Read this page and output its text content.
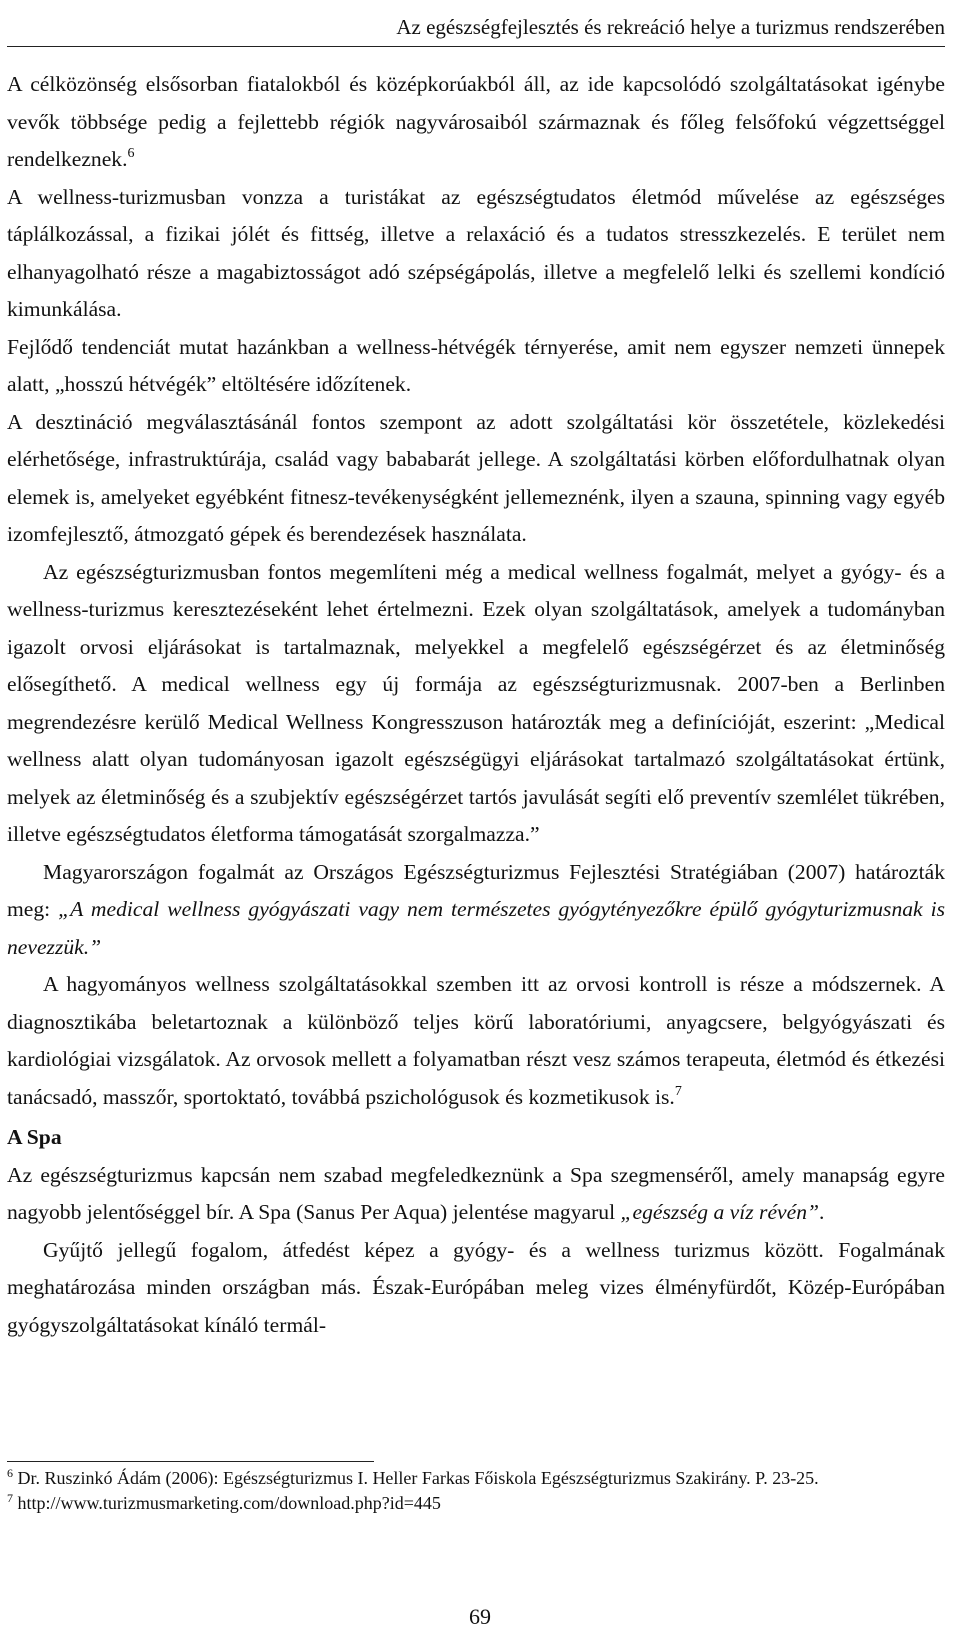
Az egészségfejlesztés és rekreáció helye a turizmus rendszerében

A célközönség elsősorban fiatalokból és középkorúakból áll, az ide kapcsolódó szolgáltatásokat igénybe vevők többsége pedig a fejlettebb régiók nagyvárosaiból származnak és főleg felsőfokú végzettséggel rendelkeznek.$^6$

A wellness-turizmusban vonzza a turistákat az egészségtudatos életmód művelése az egészséges táplálkozással, a fizikai jólét és fittség, illetve a relaxáció és a tudatos stresszkezelés. E terület nem elhanyagolható része a magabiztosságot adó szépségápolás, illetve a megfelelő lelki és szellemi kondíció kimunkálása.

Fejlődő tendenciát mutat hazánkban a wellness-hétvégék térnyerése, amit nem egyszer nemzeti ünnepek alatt, „hosszú hétvégék” eltöltésére időzítenek.

A desztináció megválasztásánál fontos szempont az adott szolgáltatási kör összetétele, közlekedési elérhetősége, infrastruktúrája, család vagy bababarát jellege. A szolgáltatási körben előfordulhatnak olyan elemek is, amelyeket egyébként fitnesz-tevékenységként jellemeznénk, ilyen a szauna, spinning vagy egyéb izomfejlesztő, átmozgató gépek és berendezések használata.

Az egészségturizmusban fontos megemlíteni még a medical wellness fogalmát, melyet a gyógy- és a wellness-turizmus keresztezéseként lehet értelmezni. Ezek olyan szolgáltatások, amelyek a tudományban igazolt orvosi eljárásokat is tartalmaznak, melyekkel a megfelelő egészségérzet és az életminőség elősegíthető. A medical wellness egy új formája az egészségturizmusnak. 2007-ben a Berlinben megrendezésre kerülő Medical Wellness Kongresszuson határozták meg a definícióját, eszerint: „Medical wellness alatt olyan tudományosan igazolt egészségügyi eljárásokat tartalmazó szolgáltatásokat értünk, melyek az életminőség és a szubjektív egészségérzet tartós javulását segíti elő preventív szemlélet tükrében, illetve egészségtudatos életforma támogatását szorgalmazza.”

Magyarországon fogalmát az Országos Egészségturizmus Fejlesztési Stratégiában (2007) határozták meg: „A medical wellness gyógyászati vagy nem természetes gyógytényezőkre épülő gyógyturizmusnak is nevezzük.”

A hagyományos wellness szolgáltatásokkal szemben itt az orvosi kontroll is része a módszernek. A diagnosztikába beletartoznak a különböző teljes körű laboratóriumi, anyagcsere, belgyógyászati és kardiológiai vizsgálatok. Az orvosok mellett a folyamatban részt vesz számos terapeuta, életmód és étkezési tanácsadó, masszőr, sportoktató, továbbá pszichológusok és kozmetikusok is.$^7$

A Spa

Az egészségturizmus kapcsán nem szabad megfeledkeznünk a Spa szegmenséről, amely manapság egyre nagyobb jelentőséggel bír. A Spa (Sanus Per Aqua) jelentése magyarul „egészség a víz révén”.

Gyűjtő jellegű fogalom, átfedést képez a gyógy- és a wellness turizmus között. Fogalmának meghatározása minden országban más. Észak-Európában meleg vizes élményfürdőt, Közép-Európában gyógyszolgáltatásokat kínáló termál-

$^6$ Dr. Ruszinkó Ádám (2006): Egészségturizmus I. Heller Farkas Főiskola Egészségturizmus Szakirány. P. 23-25.

$^7$ http://www.turizmusmarketing.com/download.php?id=445

69
